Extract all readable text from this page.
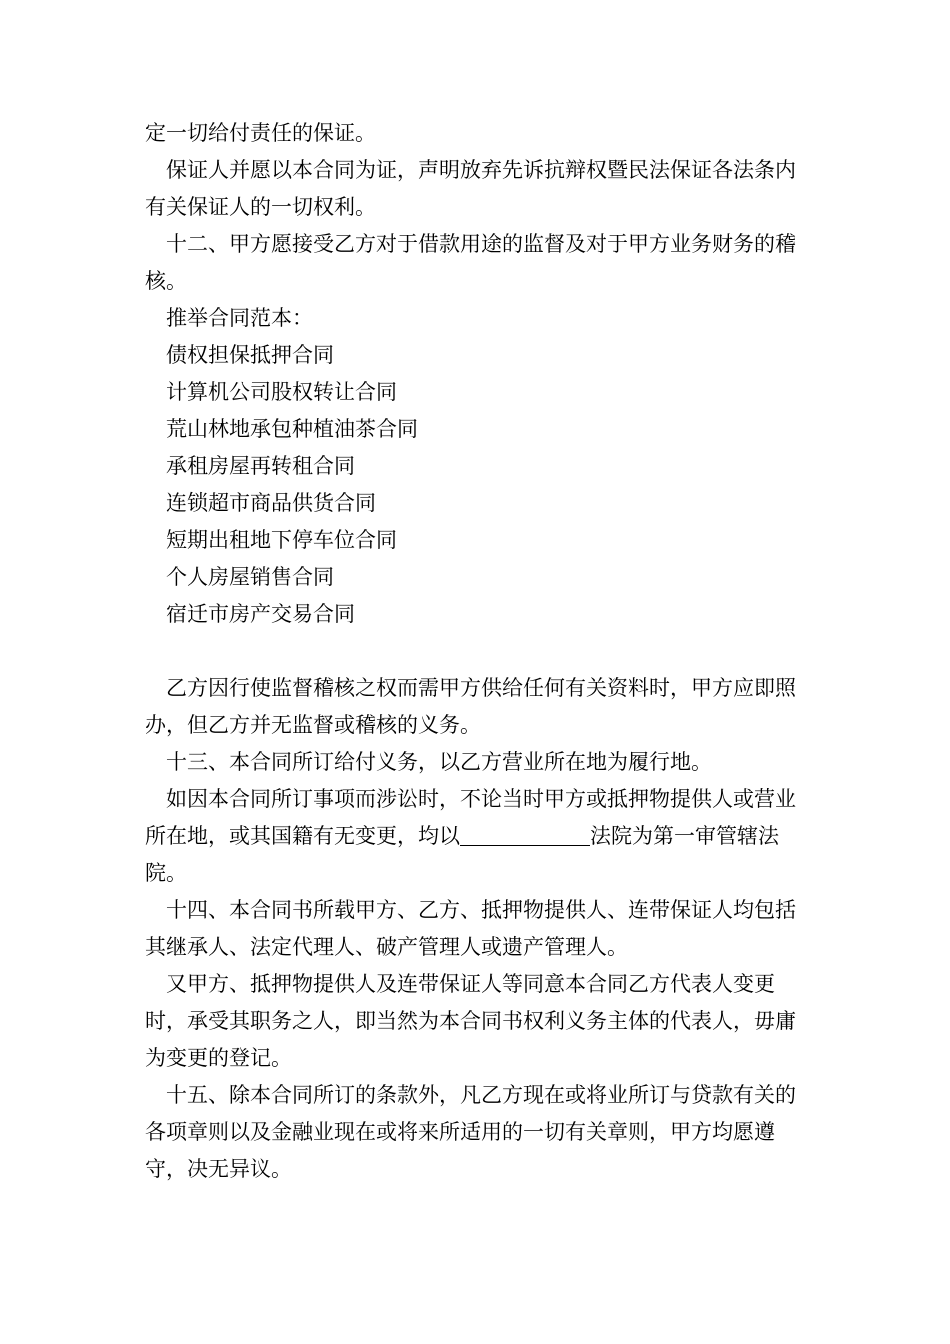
定一切给付责任的保证。

保证人并愿以本合同为证，声明放弃先诉抗辩权暨民法保证各法条内有关保证人的一切权利。

十二、甲方愿接受乙方对于借款用途的监督及对于甲方业务财务的稽核。

推举合同范本：

债权担保抵押合同

计算机公司股权转让合同

荒山林地承包种植油茶合同

承租房屋再转租合同

连锁超市商品供货合同

短期出租地下停车位合同

个人房屋销售合同

宿迁市房产交易合同

乙方因行使监督稽核之权而需甲方供给任何有关资料时，甲方应即照办，但乙方并无监督或稽核的义务。

十三、本合同所订给付义务，以乙方营业所在地为履行地。

如因本合同所订事项而涉讼时，不论当时甲方或抵押物提供人或营业所在地，或其国籍有无变更，均以	法院为第一审管辖法院。

十四、本合同书所载甲方、乙方、抵押物提供人、连带保证人均包括其继承人、法定代理人、破产管理人或遗产管理人。

又甲方、抵押物提供人及连带保证人等同意本合同乙方代表人变更时，承受其职务之人，即当然为本合同书权利义务主体的代表人，毋庸为变更的登记。

十五、除本合同所订的条款外，凡乙方现在或将业所订与贷款有关的各项章则以及金融业现在或将来所适用的一切有关章则，甲方均愿遵守，决无异议。
